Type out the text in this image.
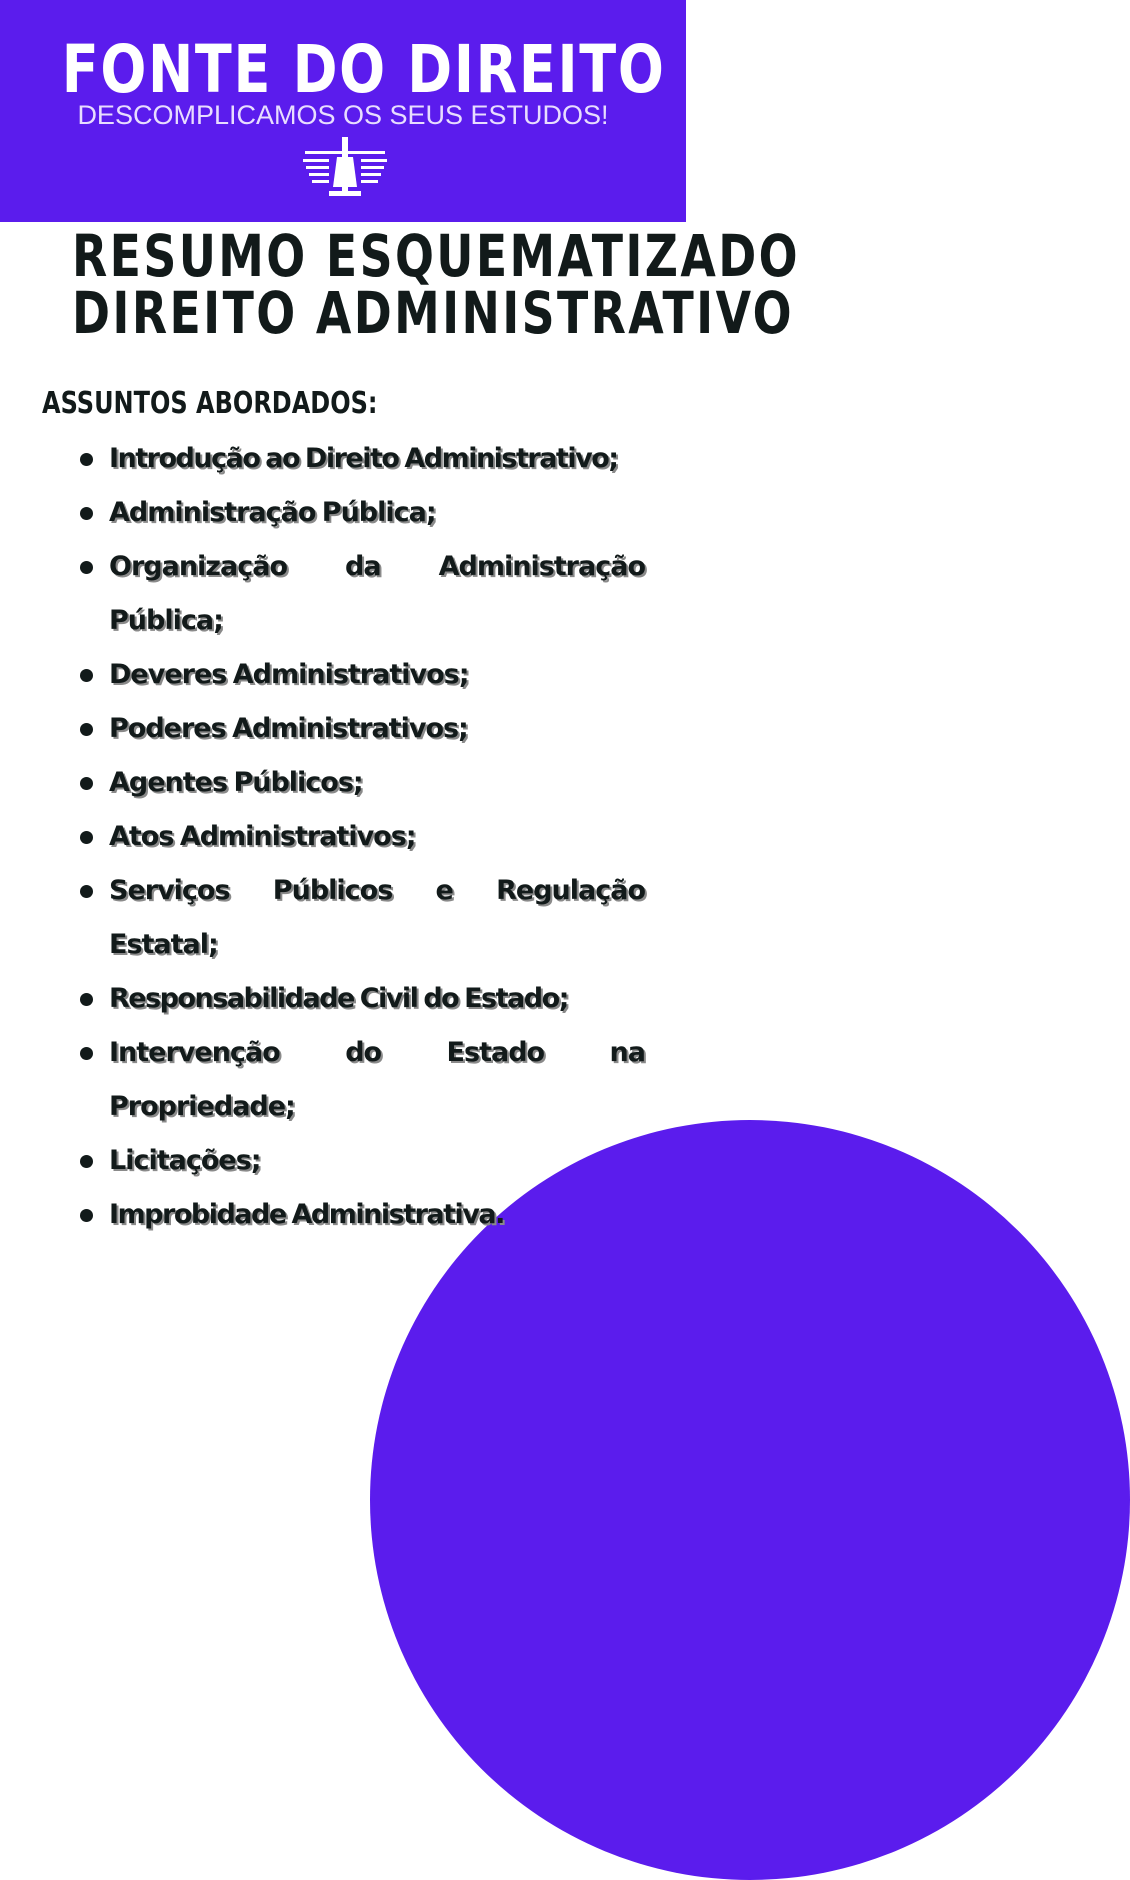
FONTE DO DIREITO
DESCOMPLICAMOS OS SEUS ESTUDOS!
RESUMO ESQUEMATIZADO
DIREITO ADMINISTRATIVO
ASSUNTOS ABORDADOS:
Introdução ao Direito Administrativo;
Administração Pública;
Organização da Administração Pública;
Deveres Administrativos;
Poderes Administrativos;
Agentes Públicos;
Atos Administrativos;
Serviços Públicos e Regulação Estatal;
Responsabilidade Civil do Estado;
Intervenção do Estado na Propriedade;
Licitações;
Improbidade Administrativa.
